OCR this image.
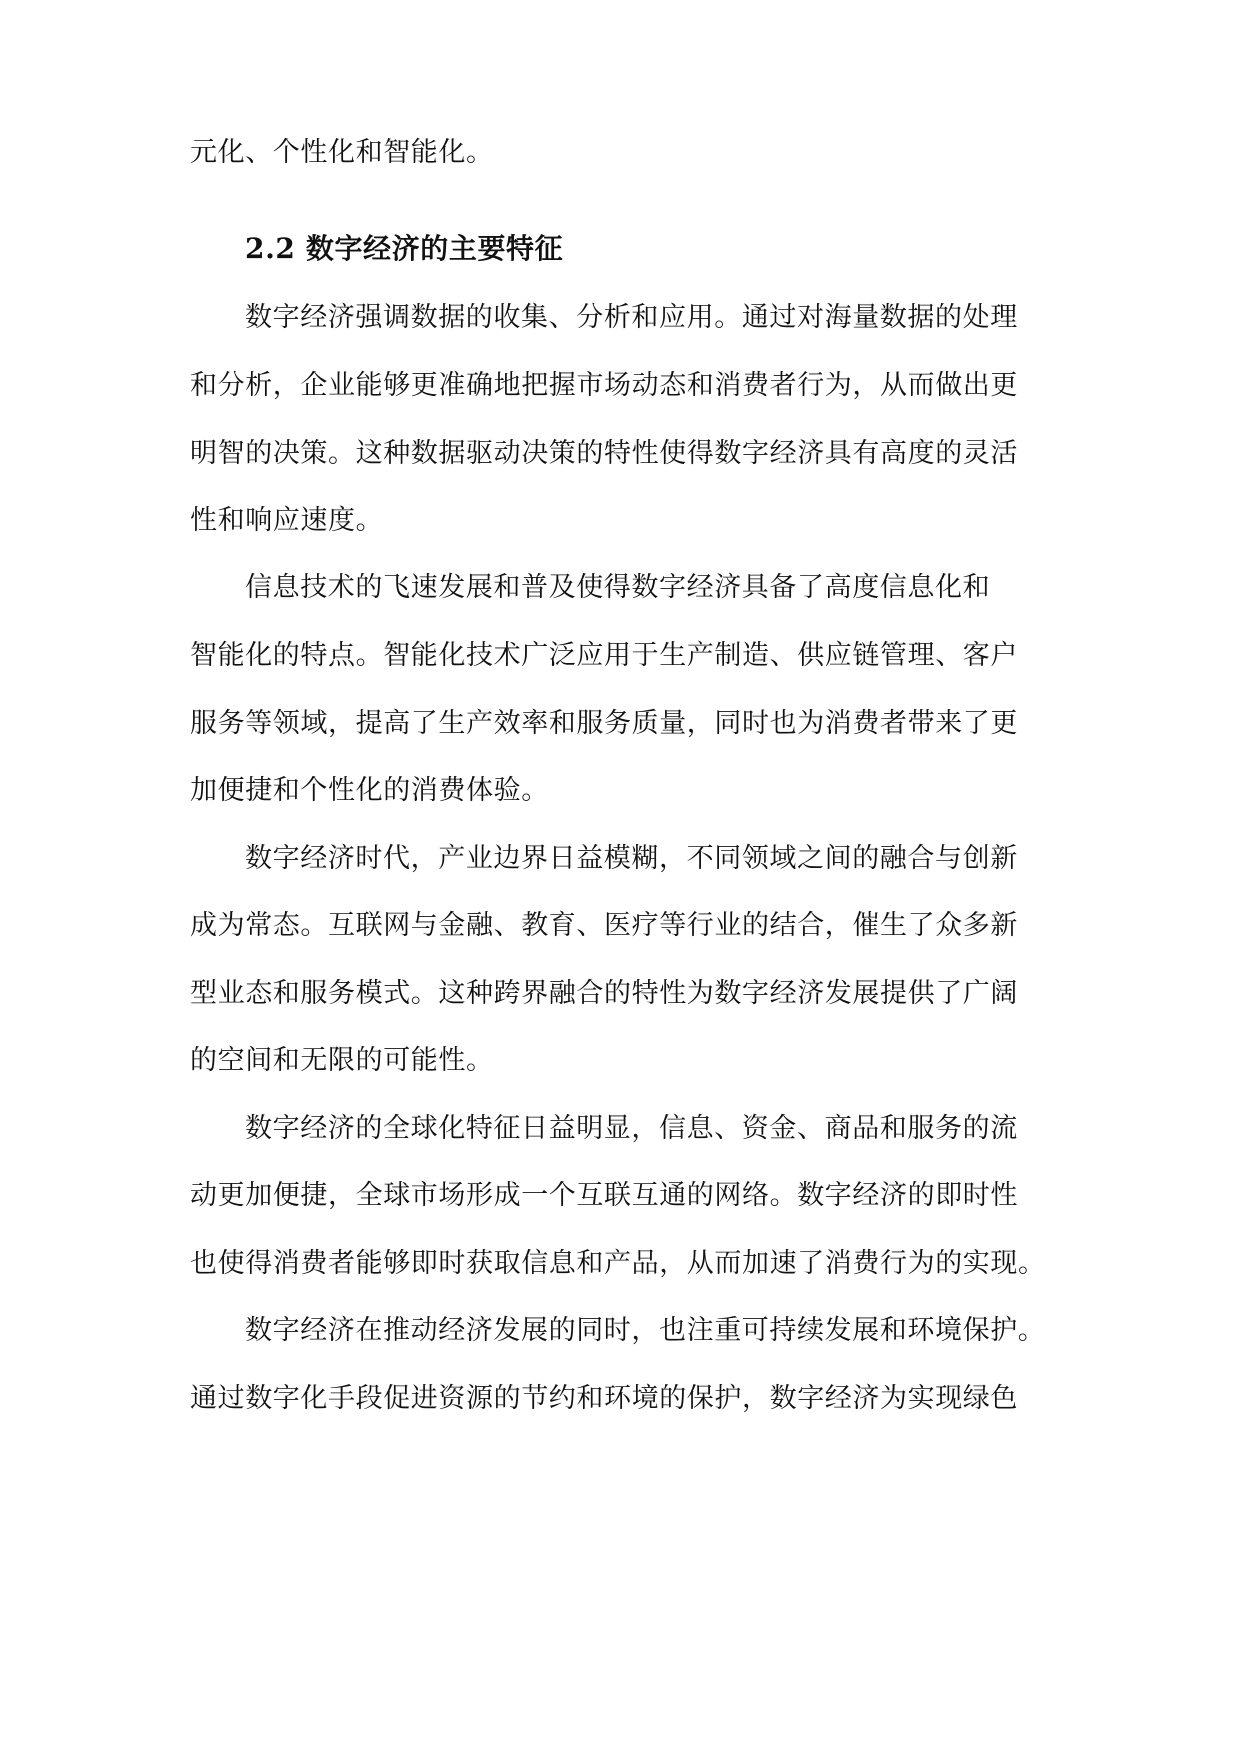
元化、个性化和智能化。
2.2 数字经济的主要特征
数字经济强调数据的收集、分析和应用。通过对海量数据的处理
和分析，企业能够更准确地把握市场动态和消费者行为，从而做出更
明智的决策。这种数据驱动决策的特性使得数字经济具有高度的灵活
性和响应速度。
信息技术的飞速发展和普及使得数字经济具备了高度信息化和
智能化的特点。智能化技术广泛应用于生产制造、供应链管理、客户
服务等领域，提高了生产效率和服务质量，同时也为消费者带来了更
加便捷和个性化的消费体验。
数字经济时代，产业边界日益模糊，不同领域之间的融合与创新
成为常态。互联网与金融、教育、医疗等行业的结合，催生了众多新
型业态和服务模式。这种跨界融合的特性为数字经济发展提供了广阔
的空间和无限的可能性。
数字经济的全球化特征日益明显，信息、资金、商品和服务的流
动更加便捷，全球市场形成一个互联互通的网络。数字经济的即时性
也使得消费者能够即时获取信息和产品，从而加速了消费行为的实现。
数字经济在推动经济发展的同时，也注重可持续发展和环境保护。
通过数字化手段促进资源的节约和环境的保护，数字经济为实现绿色
